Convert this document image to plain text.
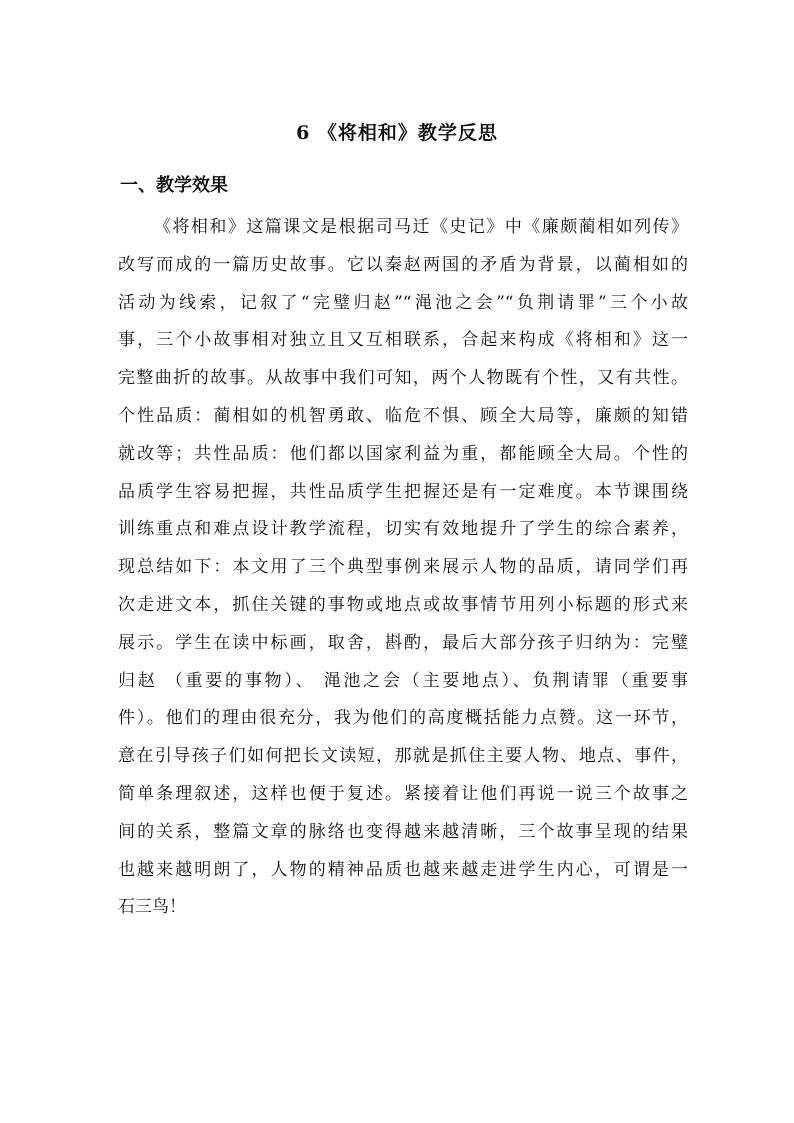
6 《将相和》教学反思
一、教学效果
《将相和》这篇课文是根据司马迁《史记》中《廉颇蔺相如列传》
改写而成的一篇历史故事。它以秦赵两国的矛盾为背景，以蔺相如的
活动为线索，记叙了“完璧归赵”“渑池之会”“负荆请罪”三个小故
事，三个小故事相对独立且又互相联系，合起来构成《将相和》这一
完整曲折的故事。从故事中我们可知，两个人物既有个性，又有共性。
个性品质：蔺相如的机智勇敢、临危不惧、顾全大局等，廉颇的知错
就改等；共性品质：他们都以国家利益为重，都能顾全大局。个性的
品质学生容易把握，共性品质学生把握还是有一定难度。本节课围绕
训练重点和难点设计教学流程，切实有效地提升了学生的综合素养，
现总结如下：本文用了三个典型事例来展示人物的品质，请同学们再
次走进文本，抓住关键的事物或地点或故事情节用列小标题的形式来
展示。学生在读中标画，取舍，斟酌，最后大部分孩子归纳为：完璧
归赵 （重要的事物）、 渑池之会（主要地点）、负荆请罪（重要事
件）。他们的理由很充分，我为他们的高度概括能力点赞。这一环节，
意在引导孩子们如何把长文读短，那就是抓住主要人物、地点、事件，
简单条理叙述，这样也便于复述。紧接着让他们再说一说三个故事之
间的关系，整篇文章的脉络也变得越来越清晰，三个故事呈现的结果
也越来越明朗了，人物的精神品质也越来越走进学生内心，可谓是一
石三鸟！
